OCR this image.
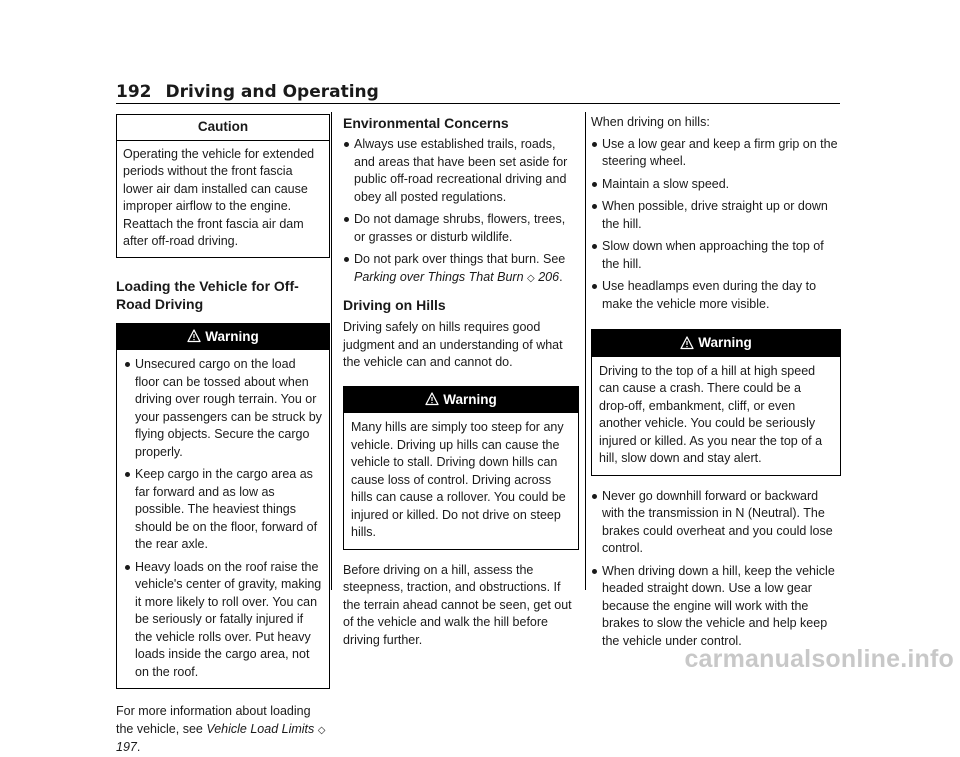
192 Driving and Operating
Caution
Operating the vehicle for extended periods without the front fascia lower air dam installed can cause improper airflow to the engine. Reattach the front fascia air dam after off-road driving.
Loading the Vehicle for Off-Road Driving
Warning
Unsecured cargo on the load floor can be tossed about when driving over rough terrain. You or your passengers can be struck by flying objects. Secure the cargo properly.
Keep cargo in the cargo area as far forward and as low as possible. The heaviest things should be on the floor, forward of the rear axle.
Heavy loads on the roof raise the vehicle's center of gravity, making it more likely to roll over. You can be seriously or fatally injured if the vehicle rolls over. Put heavy loads inside the cargo area, not on the roof.

For more information about loading the vehicle, see Vehicle Load Limits ◇ 197.

Environmental Concerns
Always use established trails, roads, and areas that have been set aside for public off-road recreational driving and obey all posted regulations.
Do not damage shrubs, flowers, trees, or grasses or disturb wildlife.
Do not park over things that burn. See Parking over Things That Burn ◇ 206.
Driving on Hills

Driving safely on hills requires good judgment and an understanding of what the vehicle can and cannot do.

Warning
Many hills are simply too steep for any vehicle. Driving up hills can cause the vehicle to stall. Driving down hills can cause loss of control. Driving across hills can cause a rollover. You could be injured or killed. Do not drive on steep hills.

Before driving on a hill, assess the steepness, traction, and obstructions. If the terrain ahead cannot be seen, get out of the vehicle and walk the hill before driving further.

When driving on hills:

Use a low gear and keep a firm grip on the steering wheel.
Maintain a slow speed.
When possible, drive straight up or down the hill.
Slow down when approaching the top of the hill.
Use headlamps even during the day to make the vehicle more visible.
Warning
Driving to the top of a hill at high speed can cause a crash. There could be a drop-off, embankment, cliff, or even another vehicle. You could be seriously injured or killed. As you near the top of a hill, slow down and stay alert.
Never go downhill forward or backward with the transmission in N (Neutral). The brakes could overheat and you could lose control.
When driving down a hill, keep the vehicle headed straight down. Use a low gear because the engine will work with the brakes to slow the vehicle and help keep the vehicle under control.
carmanualsonline.info
